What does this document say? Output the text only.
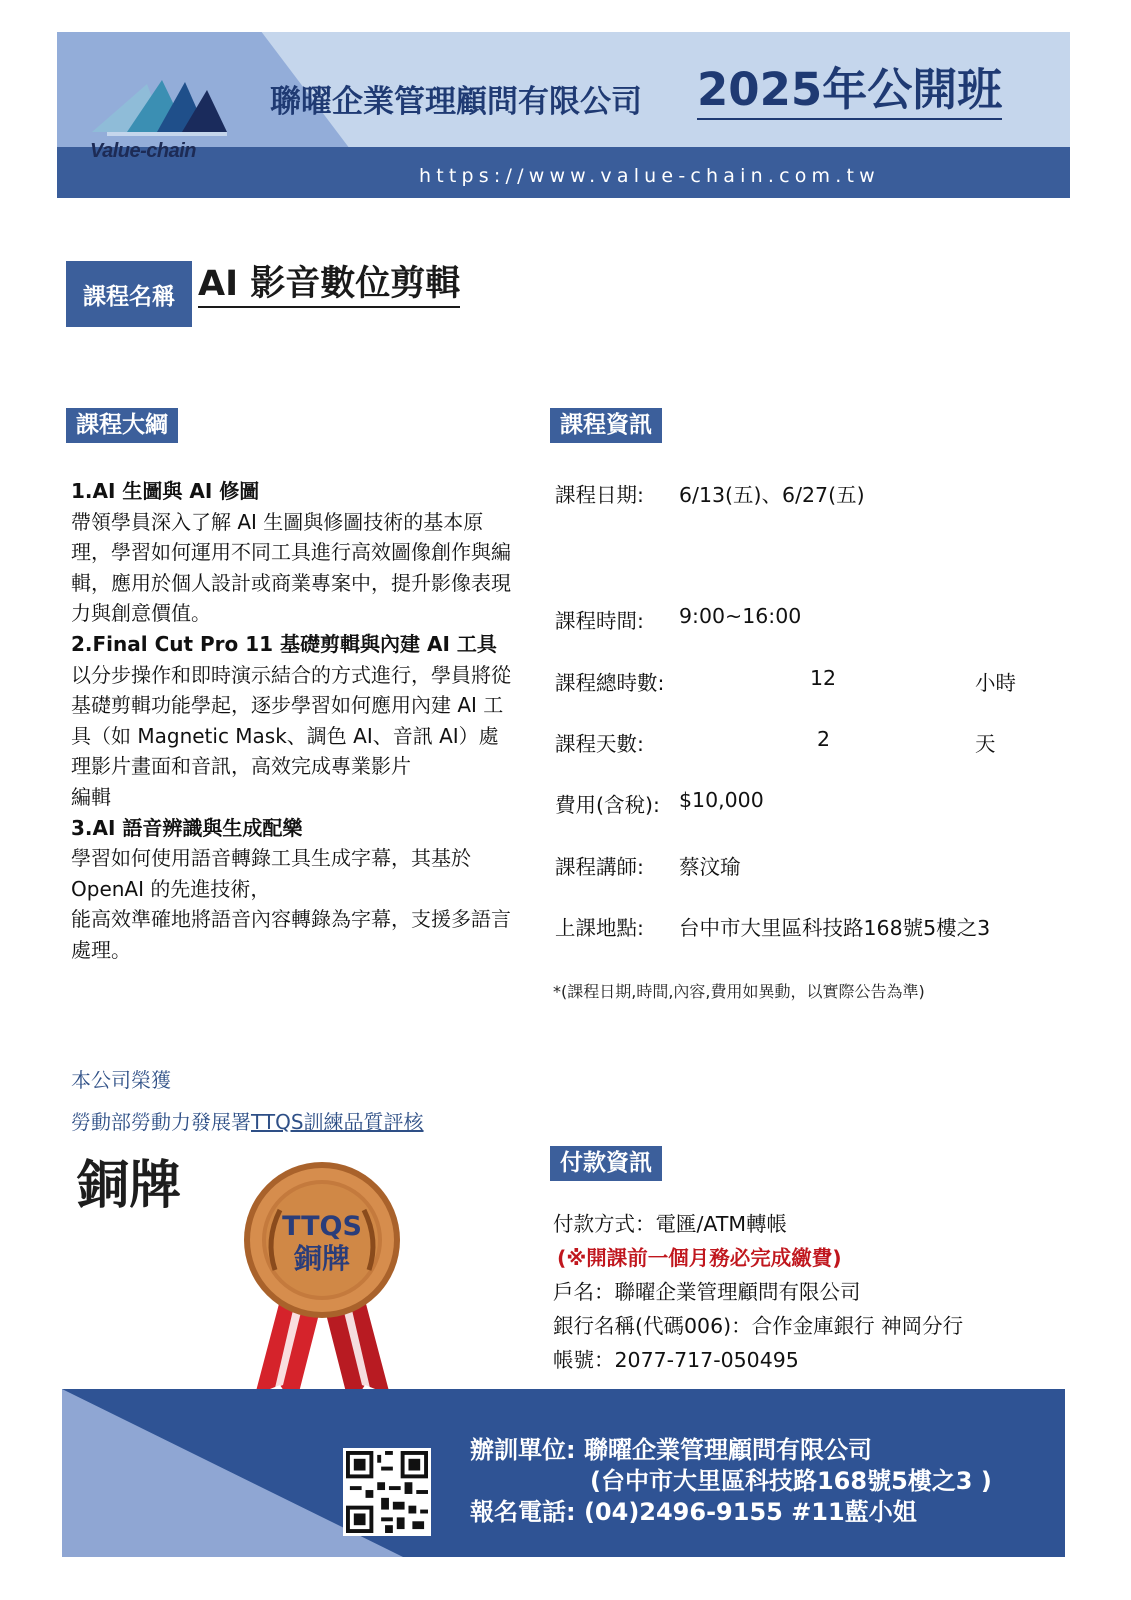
Value-chain
聯曜企業管理顧問有限公司 2025年公開班
https://www.value-chain.com.tw
課程名稱 AI 影音數位剪輯
課程大綱

1.AI 生圖與 AI 修圖

帶領學員深入了解 AI 生圖與修圖技術的基本原理，學習如何運用不同工具進行高效圖像創作與編輯，應用於個人設計或商業專案中，提升影像表現力與創意價值。

2.Final Cut Pro 11 基礎剪輯與內建 AI 工具

以分步操作和即時演示結合的方式進行，學員將從基礎剪輯功能學起，逐步學習如何應用內建 AI 工具（如 Magnetic Mask、調色 AI、音訊 AI）處理影片畫面和音訊，高效完成專業影片

編輯

3.AI 語音辨識與生成配樂

學習如何使用語音轉錄工具生成字幕，其基於 OpenAI 的先進技術，

能高效準確地將語音內容轉錄為字幕，支援多語言處理。

課程資訊
課程日期: 6/13(五)、6/27(五)
課程時間: 9:00~16:00
課程總時數:	12	小時
課程天數:	2	天
費用(含稅): $10,000
課程講師: 蔡汶瑜
上課地點: 台中市大里區科技路168號5樓之3
*(課程日期,時間,內容,費用如異動，以實際公告為準)
本公司榮獲
勞動部勞動力發展署TTQS訓練品質評核
銅牌
TTQS
銅牌
付款資訊

付款方式：電匯/ATM轉帳

(※開課前一個月務必完成繳費)

戶名：聯曜企業管理顧問有限公司

銀行名稱(代碼006)：合作金庫銀行 神岡分行

帳號：2077-717-050495

辦訓單位: 聯曜企業管理顧問有限公司

(台中市大里區科技路168號5樓之3 )

報名電話: (04)2496-9155 #11藍小姐
